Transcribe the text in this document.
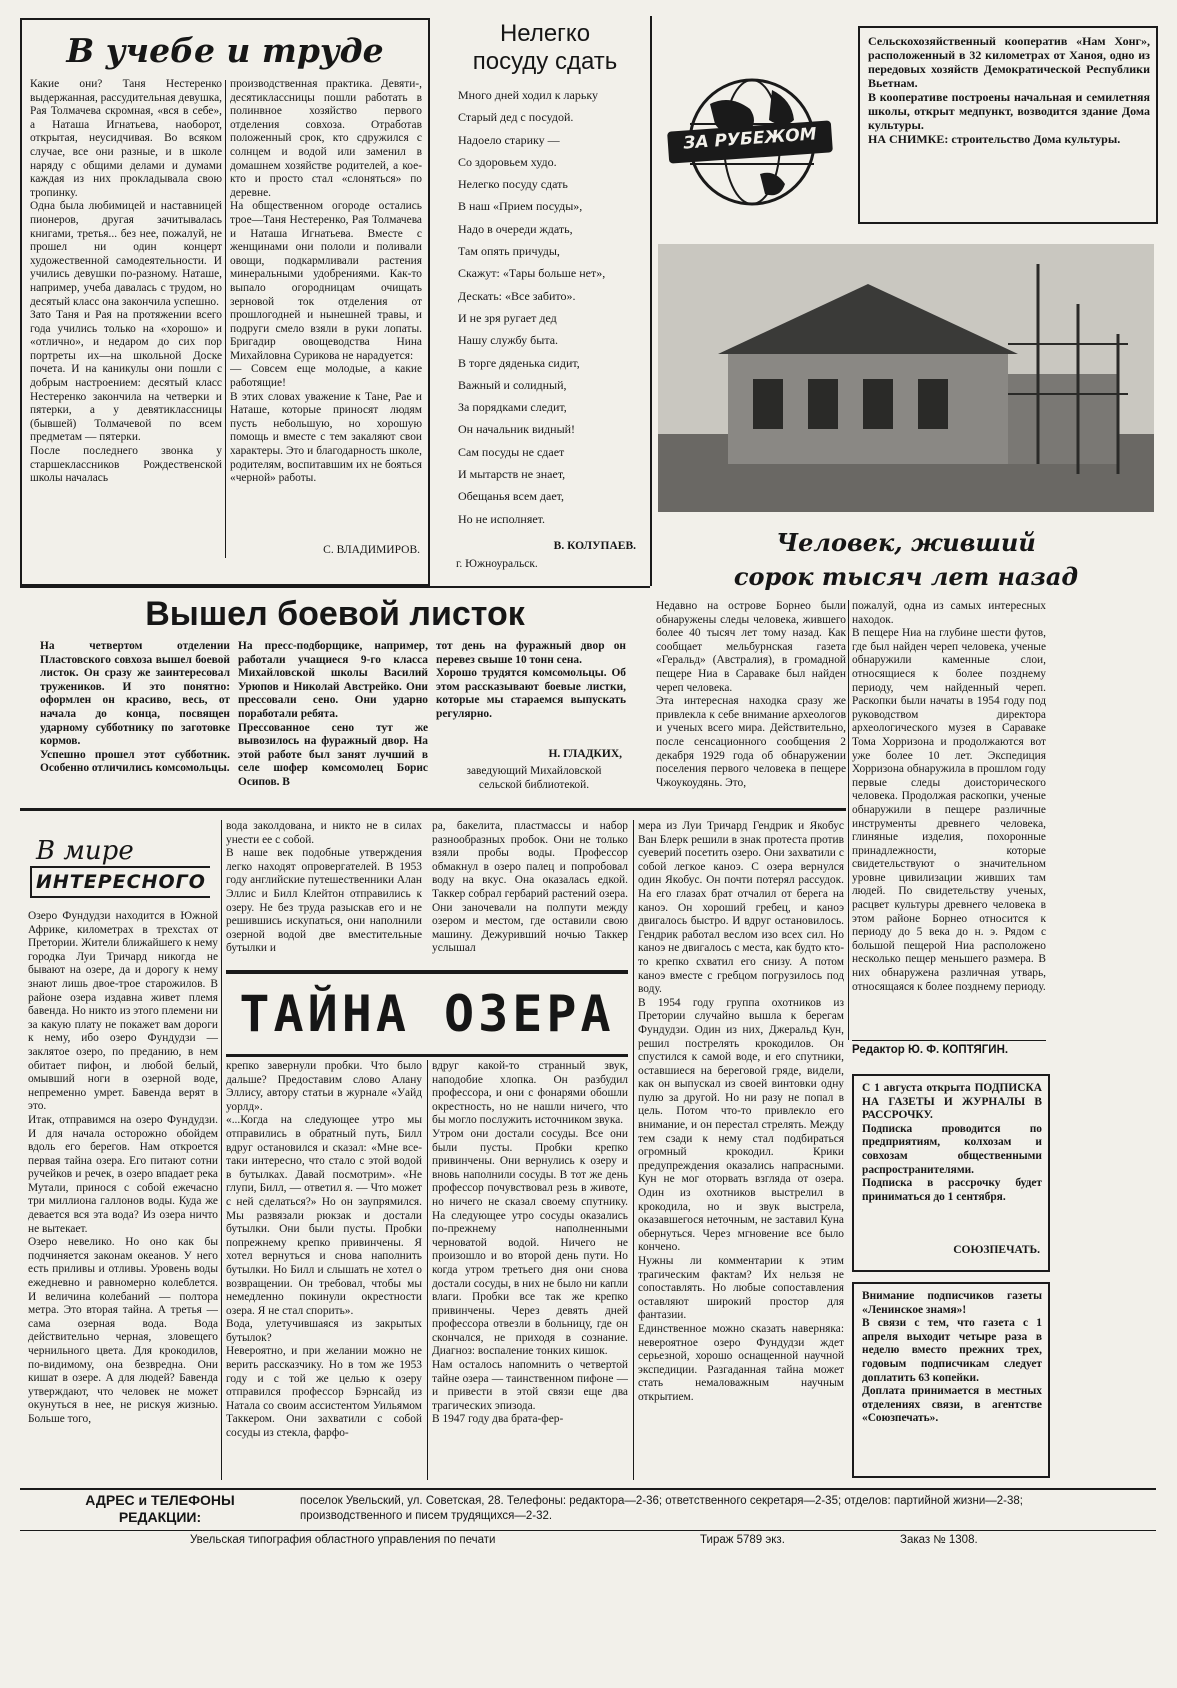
В учебе и труде
Какие они? Таня Нестеренко выдержанная, рассудительная девушка, Рая Толмачева скромная, «вся в себе», а Наташа Игнатьева, наоборот, открытая, неусидчивая. Во всяком случае, все они разные, и в школе наряду с общими делами и думами каждая из них прокладывала свою тропинку.
Одна была любимицей и наставницей пионеров, другая зачитывалась книгами, третья... без нее, пожалуй, не прошел ни один концерт художественной самодеятельности. И учились девушки по-разному. Наташе, например, учеба давалась с трудом, но десятый класс она закончила успешно.
Зато Таня и Рая на протяжении всего года учились только на «хорошо» и «отлично», и недаром до сих пор портреты их—на школьной Доске почета. И на каникулы они пошли с добрым настроением: десятый класс Нестеренко закончила на четверки и пятерки, а у девятиклассницы (бывшей) Толмачевой по всем предметам — пятерки.
После последнего звонка у старшеклассников Рождественской школы началась
производственная практика. Девяти-, десятиклассницы пошли работать в полинвное хозяйство первого отделения совхоза. Отработав положенный срок, кто сдружился с солнцем и водой или заменил в домашнем хозяйстве родителей, а кое-кто и просто стал «слоняться» по деревне.
На общественном огороде остались трое—Таня Нестеренко, Рая Толмачева и Наташа Игнатьева. Вместе с женщинами они пололи и поливали овощи, подкармливали растения минеральными удобрениями. Как-то выпало огородницам очищать зерновой ток отделения от прошлогодней и нынешней травы, и подруги смело взяли в руки лопаты. Бригадир овощеводства Нина Михайловна Сурикова не нарадуется:
— Совсем еще молодые, а какие работящие!
В этих словах уважение к Тане, Рае и Наташе, которые приносят людям пусть небольшую, но хорошую помощь и вместе с тем закаляют свои характеры. Это и благодарность школе, родителям, воспитавшим их не бояться «черной» работы.
С. ВЛАДИМИРОВ.
Нелегко
посуду сдать
Много дней ходил к ларьку
Старый дед с посудой.
Надоело старику —
Со здоровьем худо.
Нелегко посуду сдать
В наш «Прием посуды»,
Надо в очереди ждать,
Там опять причуды,
Скажут: «Тары больше нет»,
Дескать: «Все забито».
И не зря ругает дед
Нашу службу быта.
В торге дяденька сидит,
Важный и солидный,
За порядками следит,
Он начальник видный!
Сам посуды не сдает
И мытарств не знает,
Обещанья всем дает,
Но не исполняет.
В. КОЛУПАЕВ.
г. Южноуральск.
ЗА РУБЕЖОМ
Сельскохозяйственный кооператив «Нам Хонг», расположенный в 32 километрах от Ханоя, одно из передовых хозяйств Демократической Республики Вьетнам.
В кооперативе построены начальная и семилетняя школы, открыт медпункт, возводится здание Дома культуры.
НА СНИМКЕ: строительство Дома культуры.
Вышел боевой листок
На четвертом отделении Пластовского совхоза вышел боевой листок. Он сразу же заинтересовал тружеников. И это понятно: оформлен он красиво, весь, от начала до конца, посвящен ударному субботнику по заготовке кормов.
Успешно прошел этот субботник. Особенно отличились комсомольцы.
На пресс-подборщике, например, работали учащиеся 9-го класса Михайловской школы Василий Урюпов и Николай Австрейко. Они прессовали сено. Они ударно поработали ребята.
Прессованное сено тут же вывозилось на фуражный двор. На этой работе был занят лучший в селе шофер комсомолец Борис Осипов. В
тот день на фуражный двор он перевез свыше 10 тонн сена.
Хорошо трудятся комсомольцы. Об этом рассказывают боевые листки, которые мы стараемся выпускать регулярно.
Н. ГЛАДКИХ,
заведующий Михайловской сельской библиотекой.
Человек, живший
сорок тысяч лет назад
Недавно на острове Борнео были обнаружены следы человека, жившего более 40 тысяч лет тому назад. Как сообщает мельбурнская газета «Геральд» (Австралия), в громадной пещере Ниа в Сараваке был найден череп человека.
Эта интересная находка сразу же привлекла к себе внимание археологов и ученых всего мира. Действительно, после сенсационного сообщения 2 декабря 1929 года об обнаружении поселения первого человека в пещере Чжоукоудянь. Это,
пожалуй, одна из самых интересных находок.
В пещере Ниа на глубине шести футов, где был найден череп человека, ученые обнаружили каменные слои, относящиеся к более позднему периоду, чем найденный череп. Раскопки были начаты в 1954 году под руководством директора археологического музея в Сараваке Тома Хорризона и продолжаются вот уже более 10 лет. Экспедиция Хорризона обнаружила в прошлом году первые следы доисторического человека. Продолжая раскопки, ученые обнаружили в пещере различные инструменты древнего человека, глиняные изделия, похоронные принадлежности, которые свидетельствуют о значительном уровне цивилизации живших там людей. По свидетельству ученых, расцвет культуры древнего человека в этом районе Борнео относится к периоду до 5 века до н. э. Рядом с большой пещерой Ниа расположено несколько пещер меньшего размера. В них обнаружена различная утварь, относящаяся к более позднему периоду.
Редактор Ю. Ф. КОПТЯГИН.
В мире
ИНТЕРЕСНОГО
Озеро Фундудзи находится в Южной Африке, километрах в трехстах от Претории. Жители ближайшего к нему городка Луи Тричард никогда не бывают на озере, да и дорогу к нему знают лишь двое-трое старожилов. В районе озера издавна живет племя бавенда. Но никто из этого племени ни за какую плату не покажет вам дороги к нему, ибо озеро Фундудзи — заклятое озеро, по преданию, в нем обитает пифон, и любой белый, омывший ноги в озерной воде, непременно умрет. Бавенда верят в это.
Итак, отправимся на озеро Фундудзи. И для начала осторожно обойдем вдоль его берегов. Нам откроется первая тайна озера. Его питают сотни ручейков и речек, в озеро впадает река Мутали, принося с собой ежечасно три миллиона галлонов воды. Куда же девается вся эта вода? Из озера ничто не вытекает.
Озеро невелико. Но оно как бы подчиняется законам океанов. У него есть приливы и отливы. Уровень воды ежедневно и равномерно колеблется. И величина колебаний — полтора метра. Это вторая тайна. А третья — сама озерная вода. Вода действительно черная, зловещего чернильного цвета. Для крокодилов, по-видимому, она безвредна. Они кишат в озере. А для людей? Бавенда утверждают, что человек не может окунуться в нее, не рискуя жизнью. Больше того,
вода заколдована, и никто не в силах унести ее с собой.
В наше век подобные утверждения легко находят опровергателей. В 1953 году английские путешественники Алан Эллис и Билл Клейтон отправились к озеру. Не без труда разыскав его и не решившись искупаться, они наполнили озерной водой две вместительные бутылки и
ра, бакелита, пластмассы и набор разнообразных пробок. Они не только взяли пробы воды. Профессор обмакнул в озеро палец и попробовал воду на вкус. Она оказалась едкой. Таккер собрал гербарий растений озера. Они заночевали на полпути между озером и местом, где оставили свою машину. Дежуривший ночью Таккер услышал
ТАЙНА ОЗЕРА
крепко завернули пробки. Что было дальше? Предоставим слово Алану Эллису, автору статьи в журнале «Уайд уорлд».
«...Когда на следующее утро мы отправились в обратный путь, Билл вдруг остановился и сказал: «Мне все-таки интересно, что стало с этой водой в бутылках. Давай посмотрим». «Не глупи, Билл, — ответил я. — Что может с ней сделаться?» Но он заупрямился. Мы развязали рюкзак и достали бутылки. Они были пусты. Пробки попрежнему крепко привинчены. Я хотел вернуться и снова наполнить бутылки. Но Билл и слышать не хотел о возвращении. Он требовал, чтобы мы немедленно покинули окрестности озера. Я не стал спорить».
Вода, улетучившаяся из закрытых бутылок?
Невероятно, и при желании можно не верить рассказчику. Но в том же 1953 году и с той же целью к озеру отправился профессор Бэрнсайд из Натала со своим ассистентом Уильямом Таккером. Они захватили с собой сосуды из стекла, фарфо-
вдруг какой-то странный звук, наподобие хлопка. Он разбудил профессора, и они с фонарями обошли окрестность, но не нашли ничего, что бы могло послужить источником звука.
Утром они достали сосуды. Все они были пусты. Пробки крепко привинчены. Они вернулись к озеру и вновь наполнили сосуды. В тот же день профессор почувствовал резь в животе, но ничего не сказал своему спутнику. На следующее утро сосуды оказались по-прежнему наполненными черноватой водой. Ничего не произошло и во второй день пути. Но когда утром третьего дня они снова достали сосуды, в них не было ни капли влаги. Пробки все так же крепко привинчены. Через девять дней профессора отвезли в больницу, где он скончался, не приходя в сознание. Диагноз: воспаление тонких кишок.
Нам осталось напомнить о четвертой тайне озера — таинственном пифоне — и привести в этой связи еще два трагических эпизода.
В 1947 году два брата-фер-
мера из Луи Тричард Гендрик и Якобус Ван Блерк решили в знак протеста против суеверий посетить озеро. Они захватили с собой легкое каноэ. С озера вернулся один Якобус. Он почти потерял рассудок. На его глазах брат отчалил от берега на каноэ. Он хороший гребец, и каноэ двигалось быстро. И вдруг остановилось. Гендрик работал веслом изо всех сил. Но каноэ не двигалось с места, как будто кто-то крепко схватил его снизу. А потом каноэ вместе с гребцом погрузилось под воду.
В 1954 году группа охотников из Претории случайно вышла к берегам Фундудзи. Один из них, Джеральд Кун, решил пострелять крокодилов. Он спустился к самой воде, и его спутники, оставшиеся на береговой гряде, видели, как он выпускал из своей винтовки одну пулю за другой. Но ни разу не попал в цель. Потом что-то привлекло его внимание, и он перестал стрелять. Между тем сзади к нему стал подбираться огромный крокодил. Крики предупреждения оказались напрасными. Кун не мог оторвать взгляда от озера. Один из охотников выстрелил в крокодила, но и звук выстрела, оказавшегося неточным, не заставил Куна обернуться. Через мгновение все было кончено.
Нужны ли комментарии к этим трагическим фактам? Их нельзя не сопоставлять. Но любые сопоставления оставляют широкий простор для фантазии.
Единственное можно сказать наверняка: невероятное озеро Фундудзи ждет серьезной, хорошо оснащенной научной экспедиции. Разгаданная тайна может стать немаловажным научным открытием.
С 1 августа открыта ПОДПИСКА НА ГАЗЕТЫ И ЖУРНАЛЫ В РАССРОЧКУ.
Подписка проводится по предприятиям, колхозам и совхозам общественными распространителями.
Подписка в рассрочку будет приниматься до 1 сентября.
СОЮЗПЕЧАТЬ.
Внимание подписчиков газеты «Ленинское знамя»!
В связи с тем, что газета с 1 апреля выходит четыре раза в неделю вместо прежних трех, годовым подписчикам следует доплатить 63 копейки.
Доплата принимается в местных отделениях связи, в агентстве «Союзпечать».
АДРЕС и ТЕЛЕФОНЫ РЕДАКЦИИ:
поселок Увельский, ул. Советская, 28. Телефоны: редактора—2-36; ответственного секретаря—2-35; отделов: партийной жизни—2-38; производственного и писем трудящихся—2-32.
Увельская типография областного управления по печати	Тираж 5789 экз.	Заказ № 1308.
